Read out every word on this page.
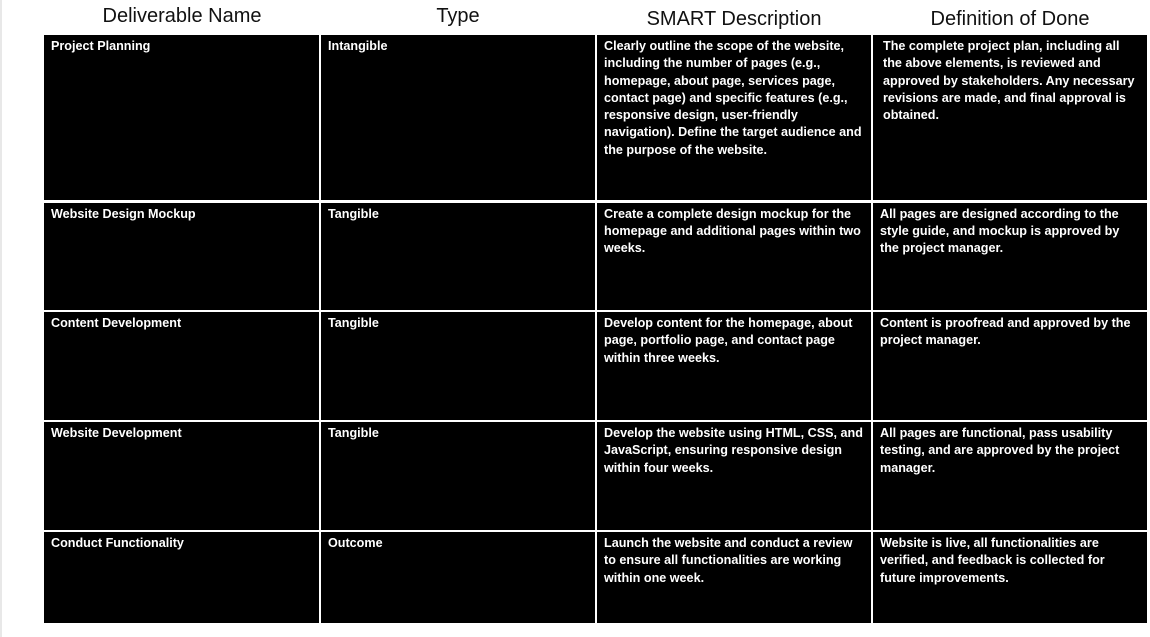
Deliverable Name	Type	SMART Description	Definition of Done
Project Planning	Intangible	Clearly outline the scope of the website, including the number of pages (e.g., homepage, about page, services page, contact page) and specific features (e.g., responsive design, user-friendly navigation). Define the target audience and the purpose of the website.	The complete project plan, including all the above elements, is reviewed and approved by stakeholders. Any necessary revisions are made, and final approval is obtained.
Website Design Mockup	Tangible	Create a complete design mockup for the homepage and additional pages within two weeks.	All pages are designed according to the style guide, and mockup is approved by the project manager.
Content Development	Tangible	Develop content for the homepage, about page, portfolio page, and contact page within three weeks.	Content is proofread and approved by the project manager.
Website Development	Tangible	Develop the website using HTML, CSS, and JavaScript, ensuring responsive design within four weeks.	All pages are functional, pass usability testing, and are approved by the project manager.
Conduct Functionality	Outcome	Launch the website and conduct a review to ensure all functionalities are working within one week.	Website is live, all functionalities are verified, and feedback is collected for future improvements.
